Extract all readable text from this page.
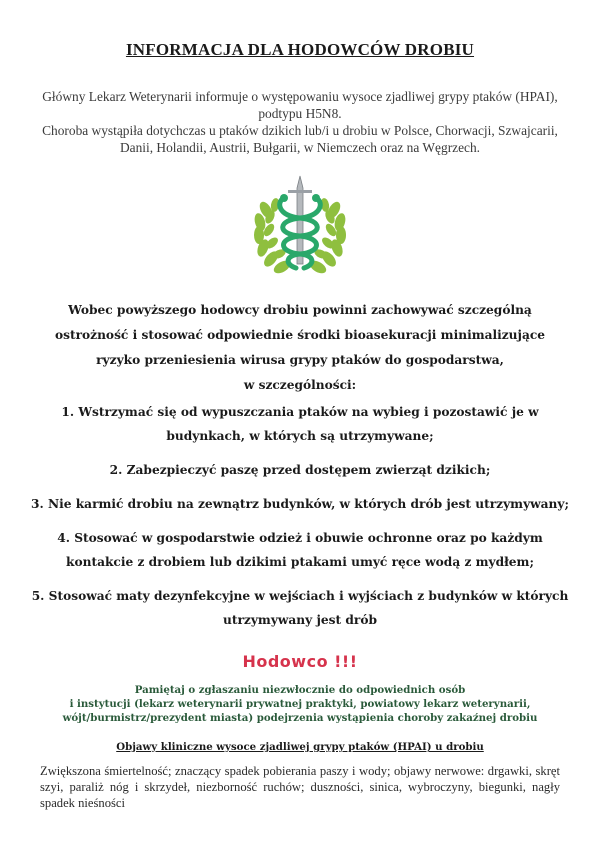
INFORMACJA DLA HODOWCÓW DROBIU

Główny Lekarz Weterynarii informuje o występowaniu wysoce zjadliwej grypy ptaków (HPAI), podtypu H5N8.

Choroba wystąpiła dotychczas u ptaków dzikich lub/i u drobiu w Polsce, Chorwacji, Szwajcarii, Danii, Holandii, Austrii, Bułgarii, w Niemczech oraz na Węgrzech.

Wobec powyższego hodowcy drobiu powinni zachowywać szczególną

ostrożność i stosować odpowiednie środki bioasekuracji minimalizujące

ryzyko przeniesienia wirusa grypy ptaków do gospodarstwa,

w szczególności:

1. Wstrzymać się od wypuszczania ptaków na wybieg i pozostawić je w budynkach, w których są utrzymywane;

2. Zabezpieczyć paszę przed dostępem zwierząt dzikich;

3. Nie karmić drobiu na zewnątrz budynków, w których drób jest utrzymywany;

4. Stosować w gospodarstwie odzież i obuwie ochronne oraz po każdym kontakcie z drobiem lub dzikimi ptakami umyć ręce wodą z mydłem;

5. Stosować maty dezynfekcyjne w wejściach i wyjściach z budynków w których utrzymywany jest drób

Hodowco !!!

Pamiętaj o zgłaszaniu niezwłocznie do odpowiednich osób

i instytucji (lekarz weterynarii prywatnej praktyki, powiatowy lekarz weterynarii,

wójt/burmistrz/prezydent miasta) podejrzenia wystąpienia choroby zakaźnej drobiu

Objawy kliniczne wysoce zjadliwej grypy ptaków (HPAI) u drobiu
Zwiększona śmiertelność; znaczący spadek pobierania paszy i wody; objawy nerwowe: drgawki, skręt szyi, paraliż nóg i skrzydeł, niezborność ruchów; duszności, sinica, wybroczyny, biegunki, nagły spadek nieśności
